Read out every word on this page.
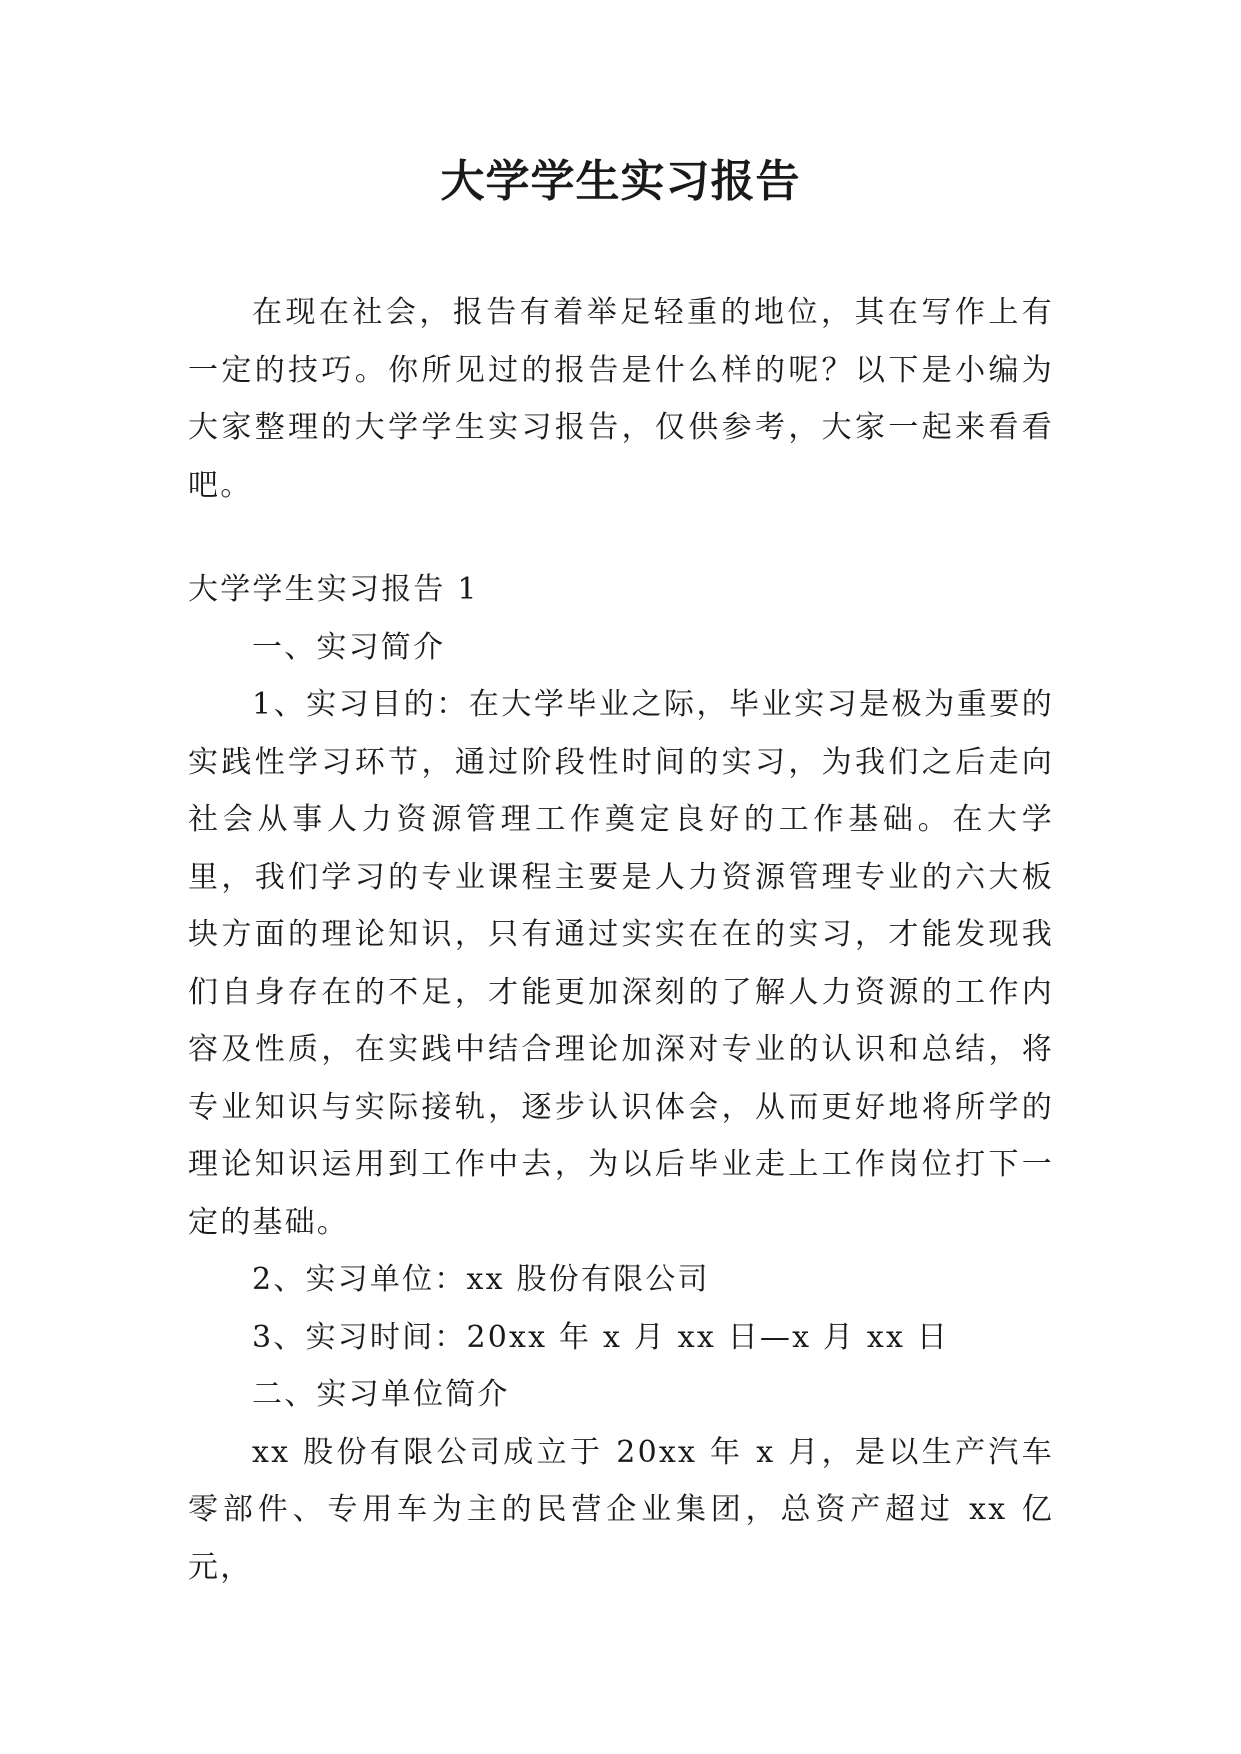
大学学生实习报告

在现在社会，报告有着举足轻重的地位，其在写作上有一定的技巧。你所见过的报告是什么样的呢？以下是小编为大家整理的大学学生实习报告，仅供参考，大家一起来看看吧。

大学学生实习报告 1

一、实习简介

1、实习目的：在大学毕业之际，毕业实习是极为重要的实践性学习环节，通过阶段性时间的实习，为我们之后走向社会从事人力资源管理工作奠定良好的工作基础。在大学里，我们学习的专业课程主要是人力资源管理专业的六大板块方面的理论知识，只有通过实实在在的实习，才能发现我们自身存在的不足，才能更加深刻的了解人力资源的工作内容及性质，在实践中结合理论加深对专业的认识和总结，将专业知识与实际接轨，逐步认识体会，从而更好地将所学的理论知识运用到工作中去，为以后毕业走上工作岗位打下一定的基础。

2、实习单位：xx 股份有限公司

3、实习时间：20xx 年 x 月 xx 日—x 月 xx 日

二、实习单位简介

xx 股份有限公司成立于 20xx 年 x 月，是以生产汽车零部件、专用车为主的民营企业集团，总资产超过 xx 亿元，
